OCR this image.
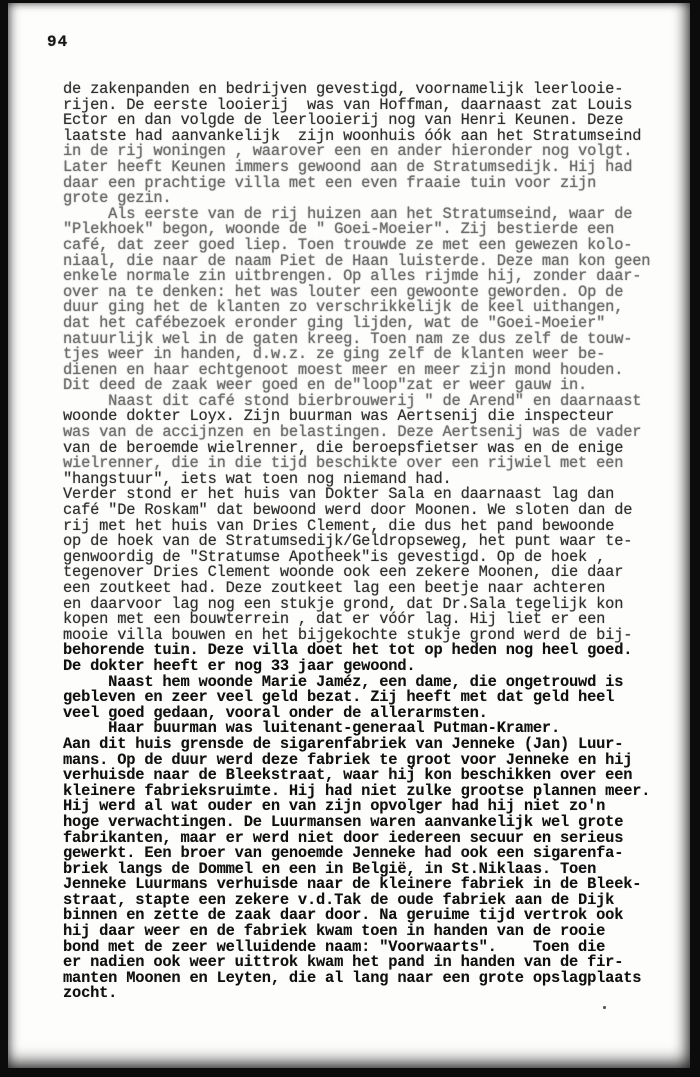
94
de zakenpanden en bedrijven gevestigd, voornamelijk leerlooie-
rijen. De eerste looierij  was van Hoffman, daarnaast zat Louis
Ector en dan volgde de leerlooierij nog van Henri Keunen. Deze
laatste had aanvankelijk  zijn woonhuis óók aan het Stratumseind
in de rij woningen , waarover een en ander hieronder nog volgt.
Later heeft Keunen immers gewoond aan de Stratumsedijk. Hij had
daar een prachtige villa met een even fraaie tuin voor zijn
grote gezin.
Als eerste van de rij huizen aan het Stratumseind, waar de
"Plekhoek" begon, woonde de " Goei-Moeier". Zij bestierde een
café, dat zeer goed liep. Toen trouwde ze met een gewezen kolo-
niaal, die naar de naam Piet de Haan luisterde. Deze man kon geen
enkele normale zin uitbrengen. Op alles rijmde hij, zonder daar-
over na te denken: het was louter een gewoonte geworden. Op de
duur ging het de klanten zo verschrikkelijk de keel uithangen,
dat het cafébezoek eronder ging lijden, wat de "Goei-Moeier"
natuurlijk wel in de gaten kreeg. Toen nam ze dus zelf de touw-
tjes weer in handen, d.w.z. ze ging zelf de klanten weer be-
dienen en haar echtgenoot moest meer en meer zijn mond houden.
Dit deed de zaak weer goed en de"loop"zat er weer gauw in.
Naast dit café stond bierbrouwerij " de Arend" en daarnaast
woonde dokter Loyx. Zijn buurman was Aertsenij die inspecteur
was van de accijnzen en belastingen. Deze Aertsenij was de vader
van de beroemde wielrenner, die beroepsfietser was en de enige
wielrenner, die in die tijd beschikte over een rijwiel met een
"hangstuur", iets wat toen nog niemand had.
Verder stond er het huis van Dokter Sala en daarnaast lag dan
café "De Roskam" dat bewoond werd door Moonen. We sloten dan de
rij met het huis van Dries Clement, die dus het pand bewoonde
op de hoek van de Stratumsedijk/Geldropseweg, het punt waar te-
genwoordig de "Stratumse Apotheek"is gevestigd. Op de hoek ,
tegenover Dries Clement woonde ook een zekere Moonen, die daar
een zoutkeet had. Deze zoutkeet lag een beetje naar achteren
en daarvoor lag nog een stukje grond, dat Dr.Sala tegelijk kon
kopen met een bouwterrein , dat er vóór lag. Hij liet er een
mooie villa bouwen en het bijgekochte stukje grond werd de bij-
behorende tuin. Deze villa doet het tot op heden nog heel goed.
De dokter heeft er nog 33 jaar gewoond.
Naast hem woonde Marie Jaméz, een dame, die ongetrouwd is
gebleven en zeer veel geld bezat. Zij heeft met dat geld heel
veel goed gedaan, vooral onder de allerarmsten.
Haar buurman was luitenant-generaal Putman-Kramer.
Aan dit huis grensde de sigarenfabriek van Jenneke (Jan) Luur-
mans. Op de duur werd deze fabriek te groot voor Jenneke en hij
verhuisde naar de Bleekstraat, waar hij kon beschikken over een
kleinere fabrieksruimte. Hij had niet zulke grootse plannen meer.
Hij werd al wat ouder en van zijn opvolger had hij niet zo'n
hoge verwachtingen. De Luurmansen waren aanvankelijk wel grote
fabrikanten, maar er werd niet door iedereen secuur en serieus
gewerkt. Een broer van genoemde Jenneke had ook een sigarenfa-
briek langs de Dommel en een in België, in St.Niklaas. Toen
Jenneke Luurmans verhuisde naar de kleinere fabriek in de Bleek-
straat, stapte een zekere v.d.Tak de oude fabriek aan de Dijk
binnen en zette de zaak daar door. Na geruime tijd vertrok ook
hij daar weer en de fabriek kwam toen in handen van de rooie
bond met de zeer welluidende naam: "Voorwaarts".    Toen die
er nadien ook weer uittrok kwam het pand in handen van de fir-
manten Moonen en Leyten, die al lang naar een grote opslagplaats
zocht.
